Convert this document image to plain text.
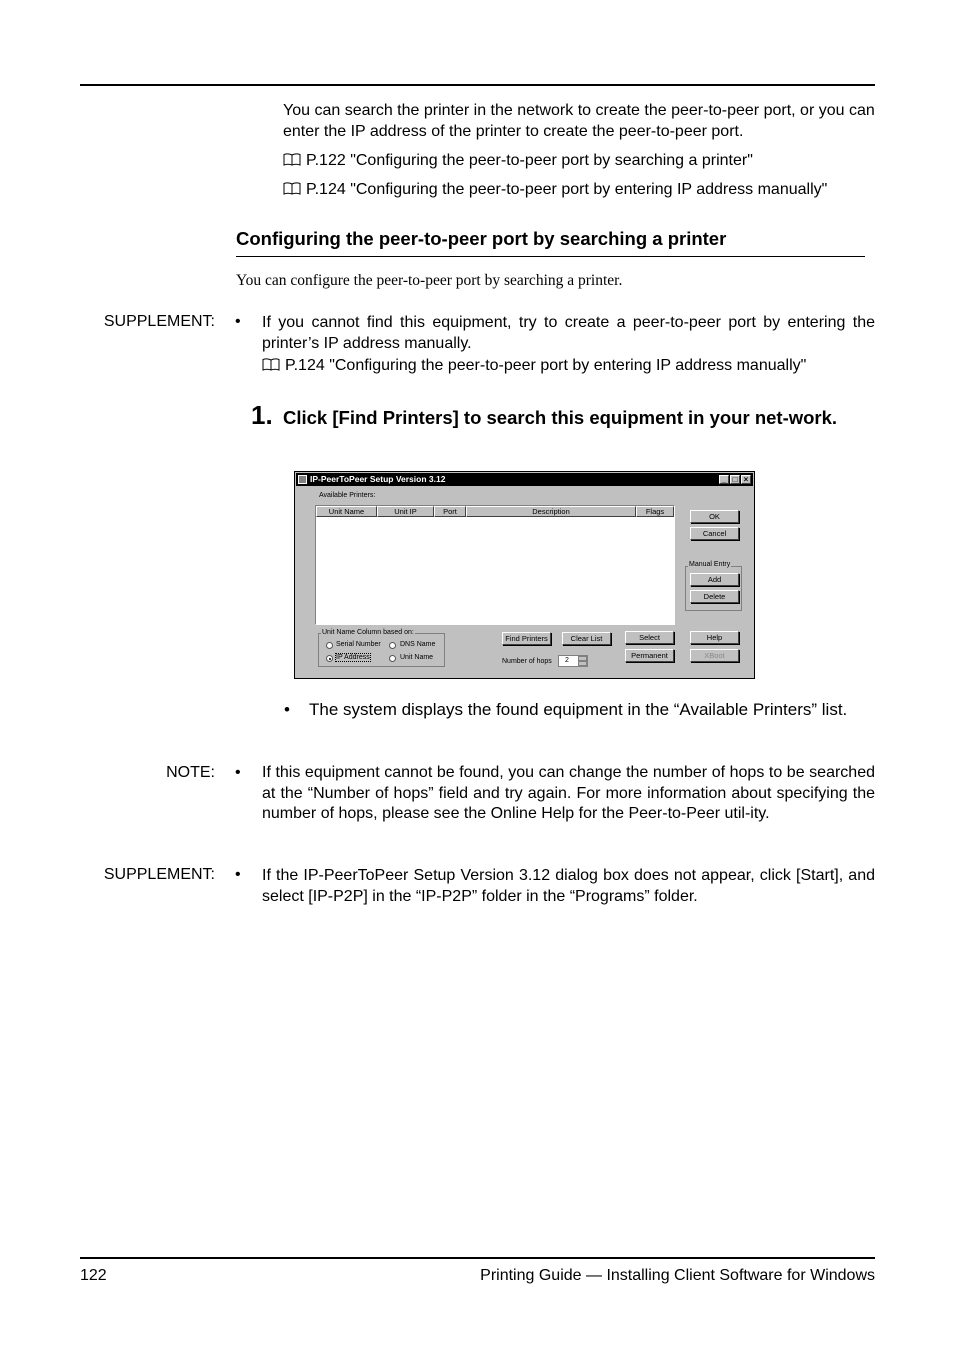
You can search the printer in the network to create the peer-to-peer port, or you can enter the IP address of the printer to create the peer-to-peer port.
P.122 "Configuring the peer-to-peer port by searching a printer"
P.124 "Configuring the peer-to-peer port by entering IP address manually"
Configuring the peer-to-peer port by searching a printer
You can configure the peer-to-peer port by searching a printer.
SUPPLEMENT: • If you cannot find this equipment, try to create a peer-to-peer port by entering the printer’s IP address manually.
P.124 "Configuring the peer-to-peer port by entering IP address manually"
1. Click [Find Printers] to search this equipment in your net-work.
IP-PeerToPeer Setup Version 3.12	_ □ ×
Available Printers:
Unit Name	Unit IP	Port	Description	Flags
OK
Cancel
Manual Entry
Add
Delete
Unit Name Column based on:
Serial Number	DNS Name
IP Address	Unit Name
Find Printers	Clear List	Select
Permanent
Help
XBoot
Number of hops	2
• The system displays the found equipment in the “Available Printers” list.
NOTE: • If this equipment cannot be found, you can change the number of hops to be searched at the “Number of hops” field and try again. For more information about specifying the number of hops, please see the Online Help for the Peer-to-Peer util-ity.
SUPPLEMENT: • If the IP-PeerToPeer Setup Version 3.12 dialog box does not appear, click [Start], and select [IP-P2P] in the “IP-P2P” folder in the “Programs” folder.
122	Printing Guide — Installing Client Software for Windows
